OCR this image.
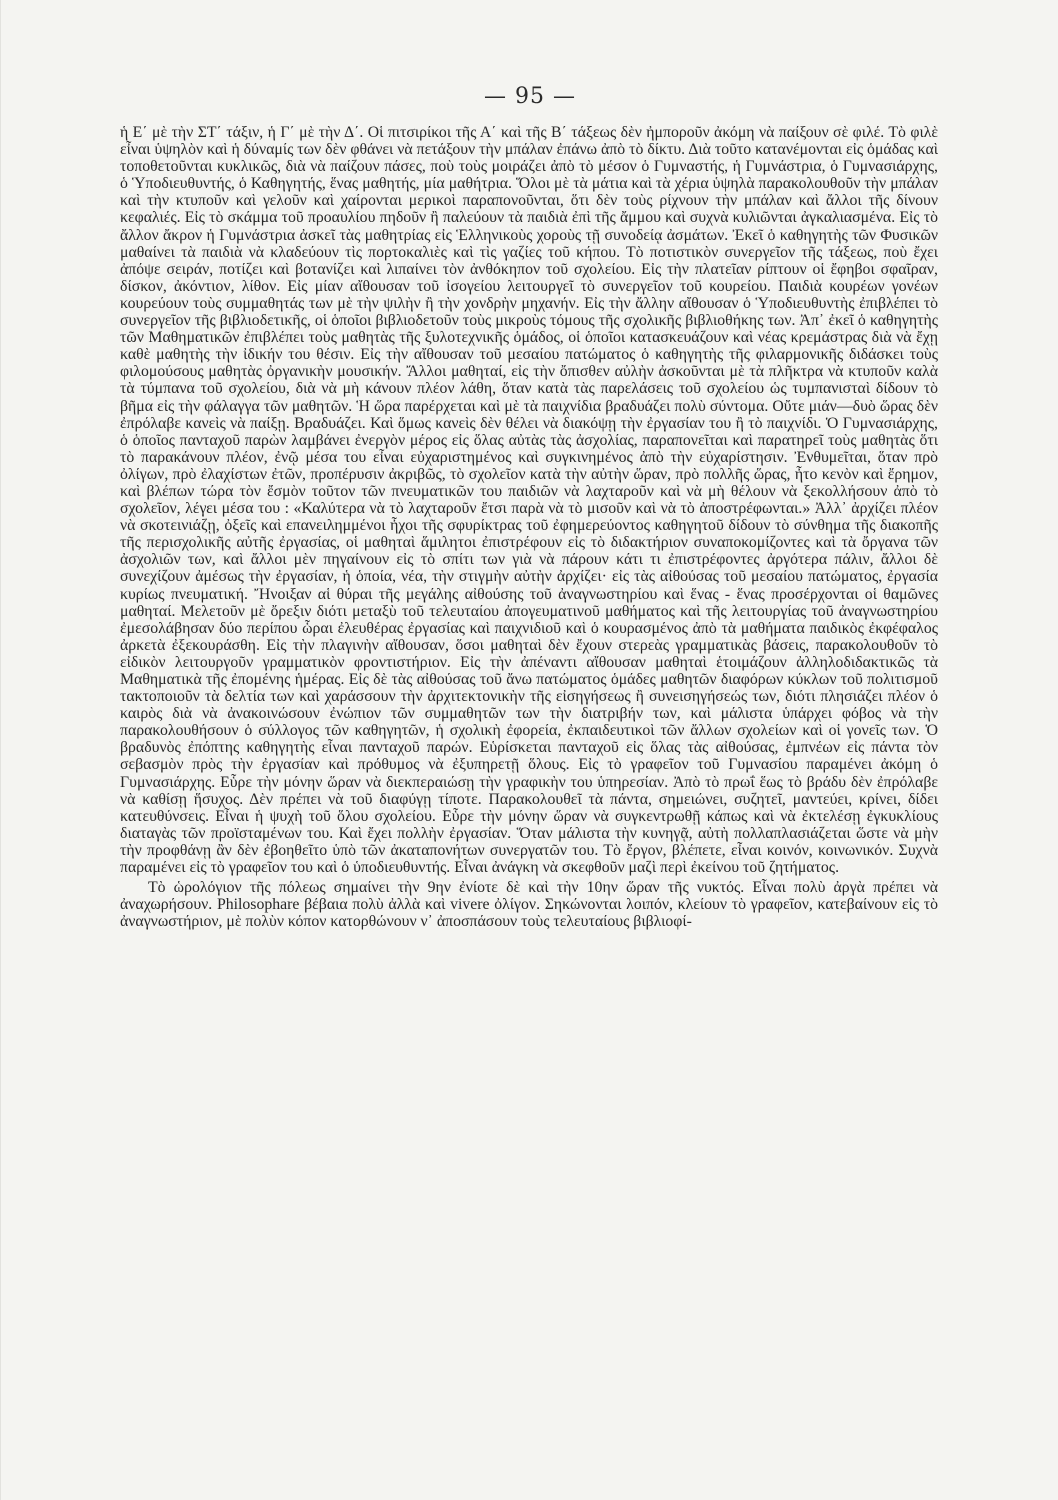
— 95 —

ἡ Ε΄ μὲ τὴν ΣΤ΄ τάξιν, ἡ Γ΄ μὲ τὴν Δ΄. Οἱ πιτσιρίκοι τῆς Α΄ καὶ τῆς Β΄ τάξεως δὲν ἠμποροῦν ἀκόμη νὰ παίξουν σὲ φιλέ. Τὸ φιλὲ εἶναι ὑψηλὸν καὶ ἡ δύναμίς των δὲν φθάνει νὰ πετάξουν τὴν μπάλαν ἐπάνω ἀπὸ τὸ δίκτυ. Διὰ τοῦτο κατανέμονται εἰς ὁμάδας καὶ τοποθετοῦνται κυκλικῶς, διὰ νὰ παίζουν πάσες, ποὺ τοὺς μοιράζει ἀπὸ τὸ μέσον ὁ Γυμναστής, ἡ Γυμνάστρια, ὁ Γυμνασιάρχης, ὁ Ὑποδιευθυντής, ὁ Καθηγητής, ἕνας μαθητής, μία μαθήτρια. Ὅλοι μὲ τὰ μάτια καὶ τὰ χέρια ὑψηλὰ παρακολουθοῦν τὴν μπάλαν καὶ τὴν κτυποῦν καὶ γελοῦν καὶ χαίρονται μερικοὶ παραπονοῦνται, ὅτι δὲν τοὺς ρίχνουν τὴν μπάλαν καὶ ἄλλοι τῆς δίνουν κεφαλιές. Εἰς τὸ σκάμμα τοῦ προαυλίου πηδοῦν ἢ παλεύουν τὰ παιδιὰ ἐπὶ τῆς ἄμμου καὶ συχνὰ κυλιῶνται ἀγκαλιασμένα. Εἰς τὸ ἄλλον ἄκρον ἡ Γυμνάστρια ἀσκεῖ τὰς μαθητρίας εἰς Ἑλληνικοὺς χοροὺς τῇ συνοδείᾳ ἀσμάτων. Ἐκεῖ ὁ καθηγητὴς τῶν Φυσικῶν μαθαίνει τὰ παιδιὰ νὰ κλαδεύουν τὶς πορτοκαλιὲς καὶ τὶς γαζίες τοῦ κήπου. Τὸ ποτιστικὸν συνεργεῖον τῆς τάξεως, ποὺ ἔχει ἀπόψε σειράν, ποτίζει καὶ βοτανίζει καὶ λιπαίνει τὸν ἀνθόκηπον τοῦ σχολείου. Εἰς τὴν πλατεῖαν ρίπτουν οἱ ἔφηβοι σφαῖραν, δίσκον, ἀκόντιον, λίθον. Εἰς μίαν αἴθουσαν τοῦ ἰσογείου λειτουργεῖ τὸ συνεργεῖον τοῦ κουρείου. Παιδιὰ κουρέων γονέων κουρεύουν τοὺς συμμαθητάς των μὲ τὴν ψιλὴν ἢ τὴν χονδρὴν μηχανήν. Εἰς τὴν ἄλλην αἴθουσαν ὁ Ὑποδιευθυντὴς ἐπιβλέπει τὸ συνεργεῖον τῆς βιβλιοδετικῆς, οἱ ὁποῖοι βιβλιοδετοῦν τοὺς μικροὺς τόμους τῆς σχολικῆς βιβλιοθήκης των. Ἀπ᾽ ἐκεῖ ὁ καθηγητὴς τῶν Μαθηματικῶν ἐπιβλέπει τοὺς μαθητὰς τῆς ξυλοτεχνικῆς ὁμάδος, οἱ ὁποῖοι κατασκευάζουν καὶ νέας κρεμάστρας διὰ νὰ ἔχῃ καθὲ μαθητὴς τὴν ἰδικήν του θέσιν. Εἰς τὴν αἴθουσαν τοῦ μεσαίου πατώματος ὁ καθηγητὴς τῆς φιλαρμονικῆς διδάσκει τοὺς φιλομούσους μαθητὰς ὀργανικὴν μουσικήν. Ἄλλοι μαθηταί, εἰς τὴν ὄπισθεν αὐλὴν ἀσκοῦνται μὲ τὰ πλῆκτρα νὰ κτυποῦν καλὰ τὰ τύμπανα τοῦ σχολείου, διὰ νὰ μὴ κάνουν πλέον λάθη, ὅταν κατὰ τὰς παρελάσεις τοῦ σχολείου ὡς τυμπανισταὶ δίδουν τὸ βῆμα εἰς τὴν φάλαγγα τῶν μαθητῶν. Ἡ ὥρα παρέρχεται καὶ μὲ τὰ παιχνίδια βραδυάζει πολὺ σύντομα. Οὔτε μιάν—δυὸ ὥρας δὲν ἐπρόλαβε κανεὶς νὰ παίξῃ. Βραδυάζει. Καὶ ὅμως κανεὶς δὲν θέλει νὰ διακόψῃ τὴν ἐργασίαν του ἢ τὸ παιχνίδι. Ὁ Γυμνασιάρχης, ὁ ὁποῖος πανταχοῦ παρὼν λαμβάνει ἐνεργὸν μέρος εἰς ὅλας αὐτὰς τὰς ἀσχολίας, παραπονεῖται καὶ παρατηρεῖ τοὺς μαθητὰς ὅτι τὸ παρακάνουν πλέον, ἐνῷ μέσα του εἶναι εὐχαριστημένος καὶ συγκινημένος ἀπὸ τὴν εὐχαρίστησιν. Ἐνθυμεῖται, ὅταν πρὸ ὀλίγων, πρὸ ἐλαχίστων ἐτῶν, προπέρυσιν ἀκριβῶς, τὸ σχολεῖον κατὰ τὴν αὐτὴν ὥραν, πρὸ πολλῆς ὥρας, ἦτο κενὸν καὶ ἔρημον, καὶ βλέπων τώρα τὸν ἔσμὸν τοῦτον τῶν πνευματικῶν του παιδιῶν νὰ λαχταροῦν καὶ νὰ μὴ θέλουν νὰ ξεκολλήσουν ἀπὸ τὸ σχολεῖον, λέγει μέσα του : «Καλύτερα νὰ τὸ λαχταροῦν ἔτσι παρὰ νὰ τὸ μισοῦν καὶ νὰ τὸ ἀποστρέφωνται.» Ἀλλ᾽ ἀρχίζει πλέον νὰ σκοτεινιάζῃ, ὀξεῖς καὶ επανειλημμένοι ἦχοι τῆς σφυρίκτρας τοῦ ἐφημερεύοντος καθηγητοῦ δίδουν τὸ σύνθημα τῆς διακοπῆς τῆς περισχολικῆς αὐτῆς ἐργασίας, οἱ μαθηταὶ ἅμιλητοι ἐπιστρέφουν εἰς τὸ διδακτήριον συναποκομίζοντες καὶ τὰ ὄργανα τῶν ἀσχολιῶν των, καὶ ἄλλοι μὲν πηγαίνουν εἰς τὸ σπίτι των γιὰ νὰ πάρουν κάτι τι ἐπιστρέφοντες ἀργότερα πάλιν, ἄλλοι δὲ συνεχίζουν ἀμέσως τὴν ἐργασίαν, ἡ ὁποία, νέα, τὴν στιγμὴν αὐτὴν ἀρχίζει· εἰς τὰς αἰθούσας τοῦ μεσαίου πατώματος, ἐργασία κυρίως πνευματική. Ἤνοιξαν αἱ θύραι τῆς μεγάλης αἰθούσης τοῦ ἀναγνωστηρίου καὶ ἕνας - ἕνας προσέρχονται οἱ θαμῶνες μαθηταί. Μελετοῦν μὲ ὄρεξιν διότι μεταξὺ τοῦ τελευταίου ἀπογευματινοῦ μαθήματος καὶ τῆς λειτουργίας τοῦ ἀναγνωστηρίου ἐμεσολάβησαν δύο περίπου ὧραι ἐλευθέρας ἐργασίας καὶ παιχνιδιοῦ καὶ ὁ κουρασμένος ἀπὸ τὰ μαθήματα παιδικὸς ἐκφέφαλος ἀρκετὰ ἐξεκουράσθη. Εἰς τὴν πλαγινὴν αἴθουσαν, ὅσοι μαθηταὶ δὲν ἔχουν στερεὰς γραμματικὰς βάσεις, παρακολουθοῦν τὸ εἰδικὸν λειτουργοῦν γραμματικὸν φροντιστήριον. Εἰς τὴν ἀπέναντι αἴθουσαν μαθηταὶ ἑτοιμάζουν ἀλληλοδιδακτικῶς τὰ Μαθηματικὰ τῆς ἐπομένης ἡμέρας. Εἰς δὲ τὰς αἰθούσας τοῦ ἄνω πατώματος ὁμάδες μαθητῶν διαφόρων κύκλων τοῦ πολιτισμοῦ τακτοποιοῦν τὰ δελτία των καὶ χαράσσουν τὴν ἀρχιτεκτονικὴν τῆς εἰσηγήσεως ἢ συνεισηγήσεώς των, διότι πλησιάζει πλέον ὁ καιρὸς διὰ νὰ ἀνακοινώσουν ἐνώπιον τῶν συμμαθητῶν των τὴν διατριβήν των, καὶ μάλιστα ὑπάρχει φόβος νὰ τὴν παρακολουθήσουν ὁ σύλλογος τῶν καθηγητῶν, ἡ σχολικὴ ἐφορεία, ἐκπαιδευτικοὶ τῶν ἄλλων σχολείων καὶ οἱ γονεῖς των. Ὁ βραδυνὸς ἐπόπτης καθηγητὴς εἶναι πανταχοῦ παρών. Εὑρίσκεται πανταχοῦ εἰς ὅλας τὰς αἰθούσας, ἐμπνέων εἰς πάντα τὸν σεβασμὸν πρὸς τὴν ἐργασίαν καὶ πρόθυμος νὰ ἐξυπηρετῇ ὅλους. Εἰς τὸ γραφεῖον τοῦ Γυμνασίου παραμένει ἀκόμη ὁ Γυμνασιάρχης. Εὗρε τὴν μόνην ὥραν νὰ διεκπεραιώσῃ τὴν γραφικὴν του ὑπηρεσίαν. Ἀπὸ τὸ πρωΐ ἕως τὸ βράδυ δὲν ἐπρόλαβε νὰ καθίσῃ ἥσυχος. Δὲν πρέπει νὰ τοῦ διαφύγῃ τίποτε. Παρακολουθεῖ τὰ πάντα, σημειώνει, συζητεῖ, μαντεύει, κρίνει, δίδει κατευθύνσεις. Εἶναι ἡ ψυχὴ τοῦ ὅλου σχολείου. Εὗρε τὴν μόνην ὥραν νὰ συγκεντρωθῇ κάπως καὶ νὰ ἐκτελέσῃ ἐγκυκλίους διαταγὰς τῶν προϊσταμένων του. Καὶ ἔχει πολλὴν ἐργασίαν. Ὅταν μάλιστα τὴν κυνηγᾷ, αὐτὴ πολλαπλασιάζεται ὥστε νὰ μὴν τὴν προφθάνῃ ἂν δὲν ἐβοηθεῖτο ὑπὸ τῶν ἀκαταπονήτων συνεργατῶν του. Τὸ ἔργον, βλέπετε, εἶναι κοινόν, κοινωνικόν. Συχνὰ παραμένει εἰς τὸ γραφεῖον του καὶ ὁ ὑποδιευθυντής. Εἶναι ἀνάγκη νὰ σκεφθοῦν μαζὶ περὶ ἐκείνου τοῦ ζητήματος.

Τὸ ὡρολόγιον τῆς πόλεως σημαίνει τὴν 9ην ἐνίοτε δὲ καὶ τὴν 10ην ὥραν τῆς νυκτός. Εἶναι πολὺ ἀργὰ πρέπει νὰ ἀναχωρήσουν. Philosophare βέβαια πολὺ ἀλλὰ καὶ vivere ὀλίγον. Σηκώνονται λοιπόν, κλείουν τὸ γραφεῖον, κατεβαίνουν εἰς τὸ ἀναγνωστήριον, μὲ πολὺν κόπον κατορθώνουν ν᾽ ἀποσπάσουν τοὺς τελευταίους βιβλιοφί-
